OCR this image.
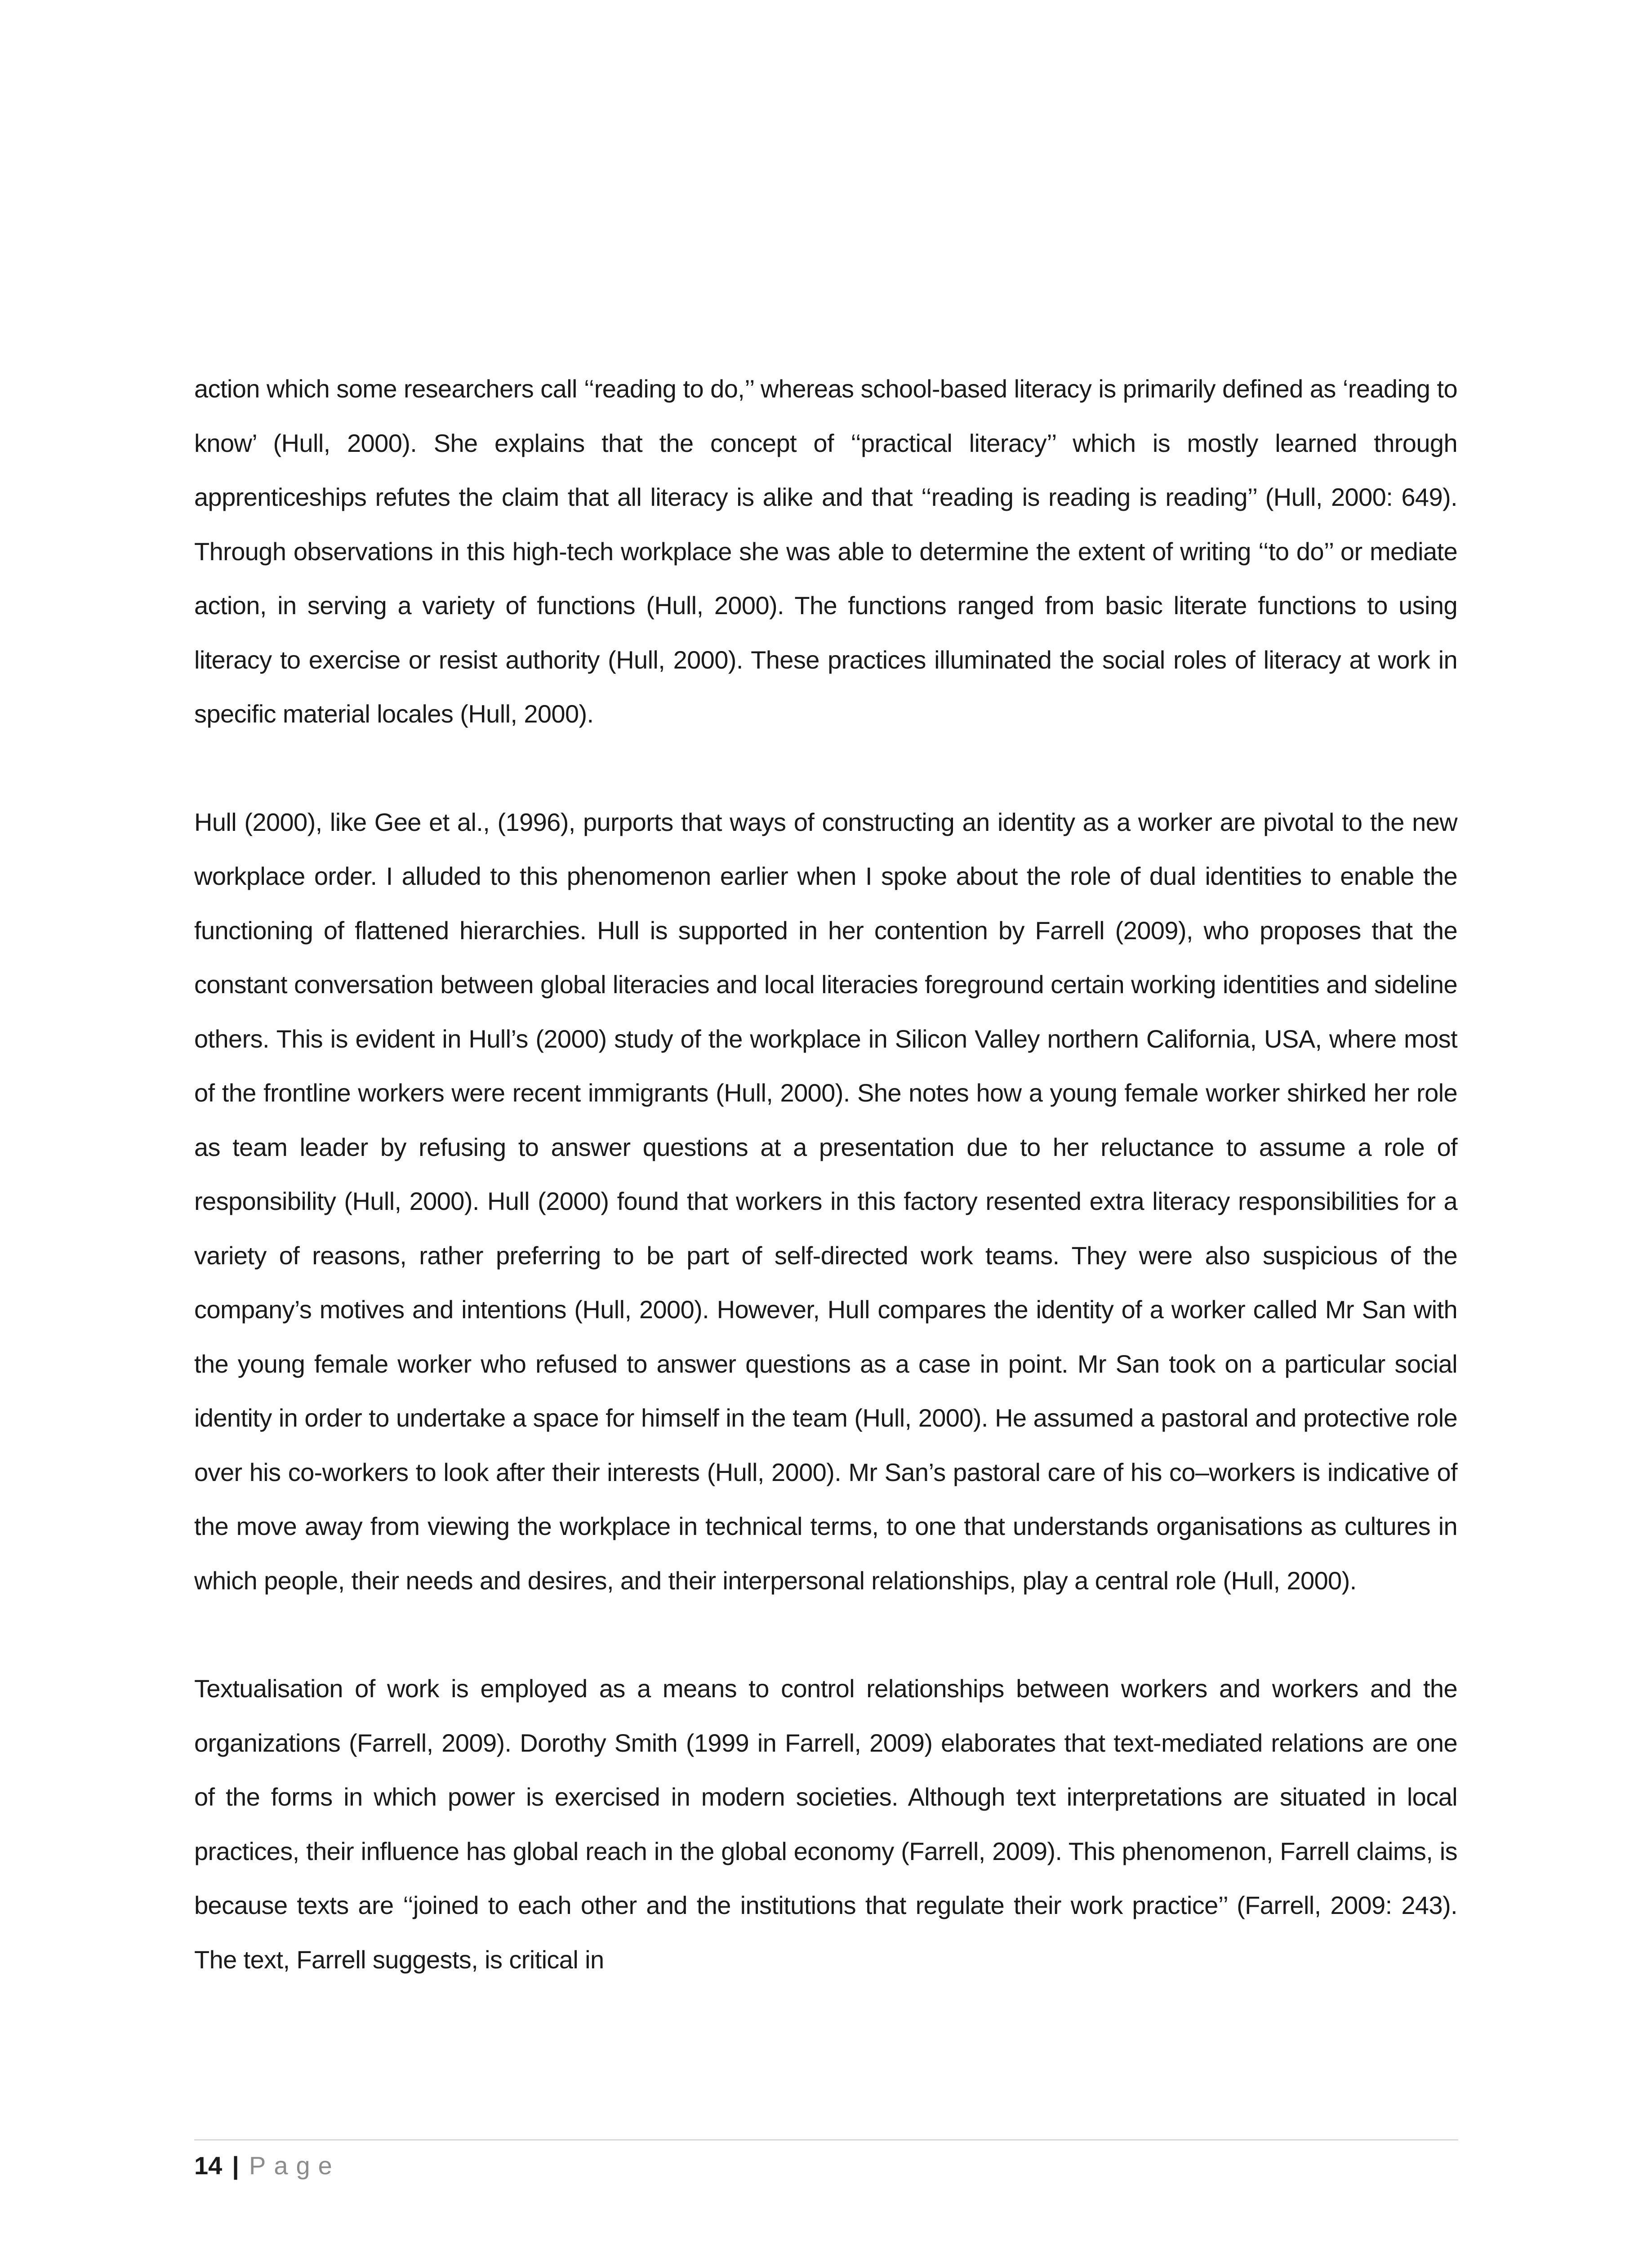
action which some researchers call ‘‘reading to do,’’ whereas school-based literacy is primarily defined as ‘reading to know’ (Hull, 2000). She explains that the concept of ‘‘practical literacy’’ which is mostly learned through apprenticeships refutes the claim that all literacy is alike and that ‘‘reading is reading is reading’’ (Hull, 2000: 649). Through observations in this high-tech workplace she was able to determine the extent of writing ‘‘to do’’ or mediate action, in serving a variety of functions (Hull, 2000). The functions ranged from basic literate functions to using literacy to exercise or resist authority (Hull, 2000). These practices illuminated the social roles of literacy at work in specific material locales (Hull, 2000).

Hull (2000), like Gee et al., (1996), purports that ways of constructing an identity as a worker are pivotal to the new workplace order. I alluded to this phenomenon earlier when I spoke about the role of dual identities to enable the functioning of flattened hierarchies. Hull is supported in her contention by Farrell (2009), who proposes that the constant conversation between global literacies and local literacies foreground certain working identities and sideline others. This is evident in Hull’s (2000) study of the workplace in Silicon Valley northern California, USA, where most of the frontline workers were recent immigrants (Hull, 2000). She notes how a young female worker shirked her role as team leader by refusing to answer questions at a presentation due to her reluctance to assume a role of responsibility (Hull, 2000). Hull (2000) found that workers in this factory resented extra literacy responsibilities for a variety of reasons, rather preferring to be part of self-directed work teams. They were also suspicious of the company’s motives and intentions (Hull, 2000). However, Hull compares the identity of a worker called Mr San with the young female worker who refused to answer questions as a case in point. Mr San took on a particular social identity in order to undertake a space for himself in the team (Hull, 2000). He assumed a pastoral and protective role over his co-workers to look after their interests (Hull, 2000). Mr San’s pastoral care of his co–workers is indicative of the move away from viewing the workplace in technical terms, to one that understands organisations as cultures in which people, their needs and desires, and their interpersonal relationships, play a central role (Hull, 2000).

Textualisation of work is employed as a means to control relationships between workers and workers and the organizations (Farrell, 2009). Dorothy Smith (1999 in Farrell, 2009) elaborates that text-mediated relations are one of the forms in which power is exercised in modern societies. Although text interpretations are situated in local practices, their influence has global reach in the global economy (Farrell, 2009). This phenomenon, Farrell claims, is because texts are ‘‘joined to each other and the institutions that regulate their work practice’’ (Farrell, 2009: 243). The text, Farrell suggests, is critical in

14 | Page
